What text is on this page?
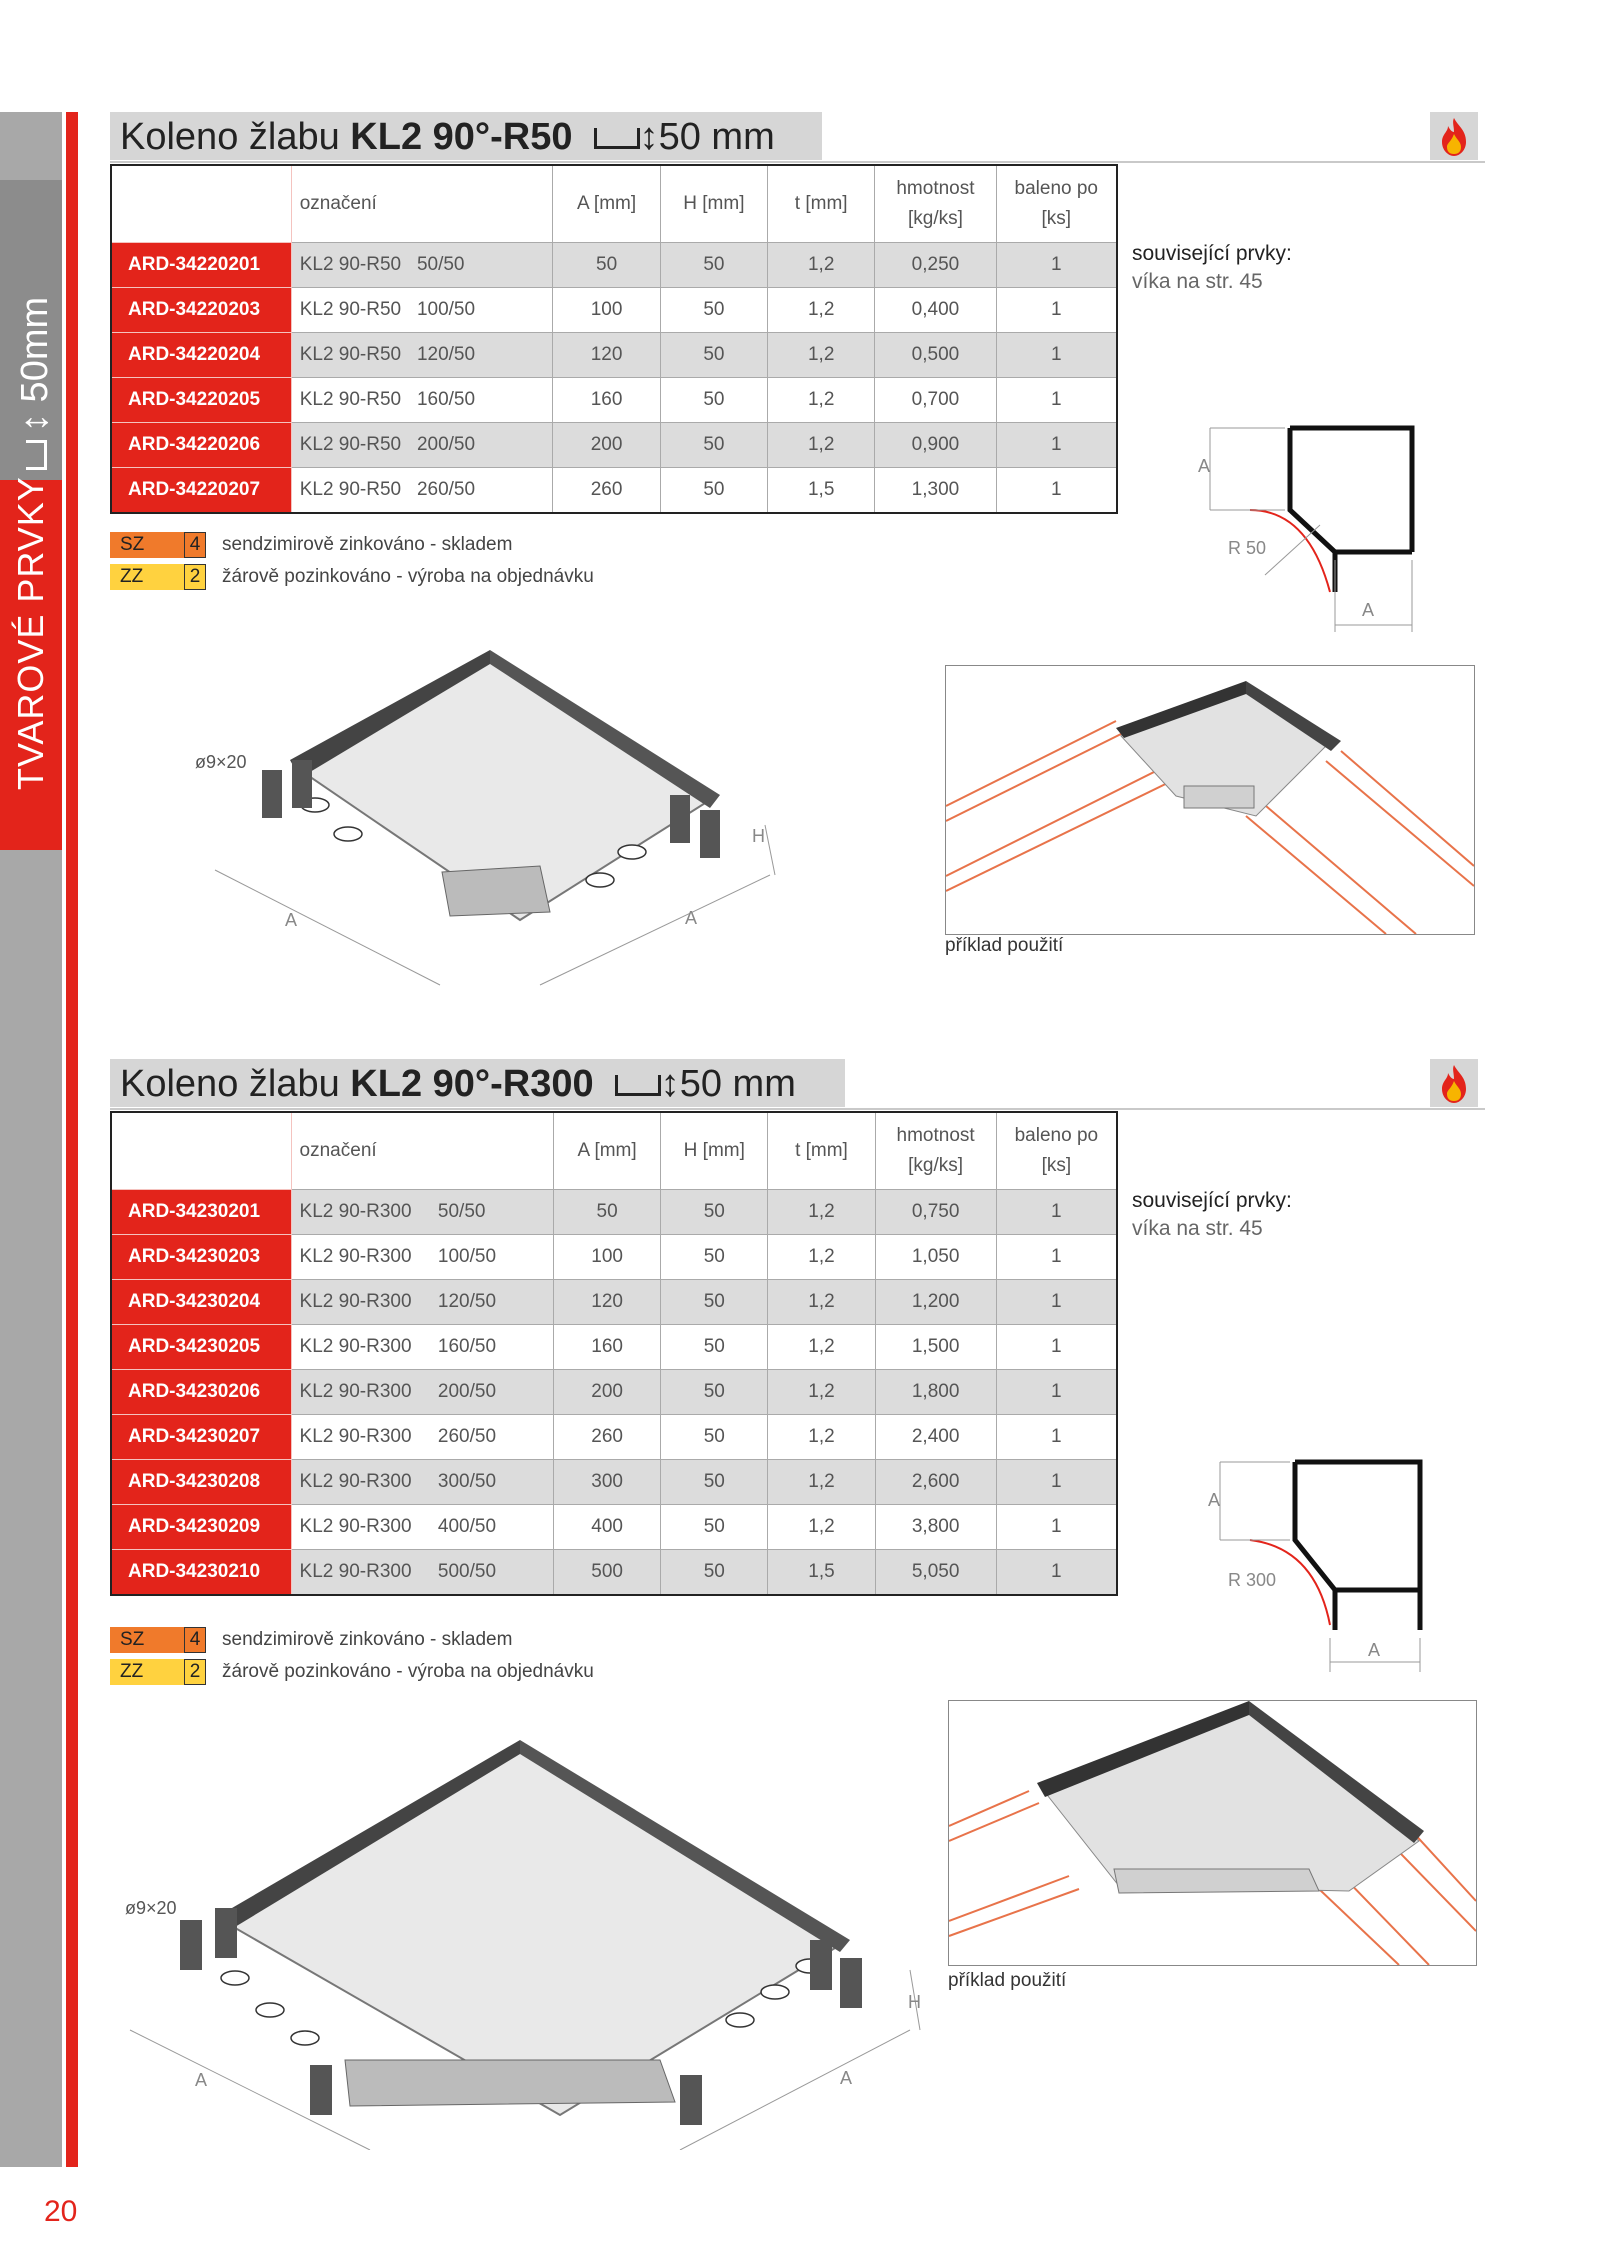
↕ 50mm
TVAROVÉ PRVKY
20
Koleno žlabu KL2 90°-R50 ↕50 mm
objednací kód	označení	A [mm]	H [mm]	t [mm]	hmotnost
[kg/ks]	baleno po
[ks]
ARD-34220201	KL2 90-R50   50/50	50	50	1,2	0,250	1
ARD-34220203	KL2 90-R50   100/50	100	50	1,2	0,400	1
ARD-34220204	KL2 90-R50   120/50	120	50	1,2	0,500	1
ARD-34220205	KL2 90-R50   160/50	160	50	1,2	0,700	1
ARD-34220206	KL2 90-R50   200/50	200	50	1,2	0,900	1
ARD-34220207	KL2 90-R50   260/50	260	50	1,5	1,300	1
SZ	4	sendzimirově zinkováno - skladem
ZZ	2	žárově pozinkováno - výroba na objednávku
související prvky:
víka na str. 45
A
R 50
A
ø9×20
A	A
H
příklad použití
Koleno žlabu KL2 90°-R300 ↕50 mm
objednací kód	označení	A [mm]	H [mm]	t [mm]	hmotnost
[kg/ks]	baleno po
[ks]
ARD-34230201	KL2 90-R300     50/50	50	50	1,2	0,750	1
ARD-34230203	KL2 90-R300     100/50	100	50	1,2	1,050	1
ARD-34230204	KL2 90-R300     120/50	120	50	1,2	1,200	1
ARD-34230205	KL2 90-R300     160/50	160	50	1,2	1,500	1
ARD-34230206	KL2 90-R300     200/50	200	50	1,2	1,800	1
ARD-34230207	KL2 90-R300     260/50	260	50	1,2	2,400	1
ARD-34230208	KL2 90-R300     300/50	300	50	1,2	2,600	1
ARD-34230209	KL2 90-R300     400/50	400	50	1,2	3,800	1
ARD-34230210	KL2 90-R300     500/50	500	50	1,5	5,050	1
SZ	4	sendzimirově zinkováno - skladem
ZZ	2	žárově pozinkováno - výroba na objednávku
související prvky:
víka na str. 45
A
R 300
A
ø9×20
A	A
H
příklad použití
